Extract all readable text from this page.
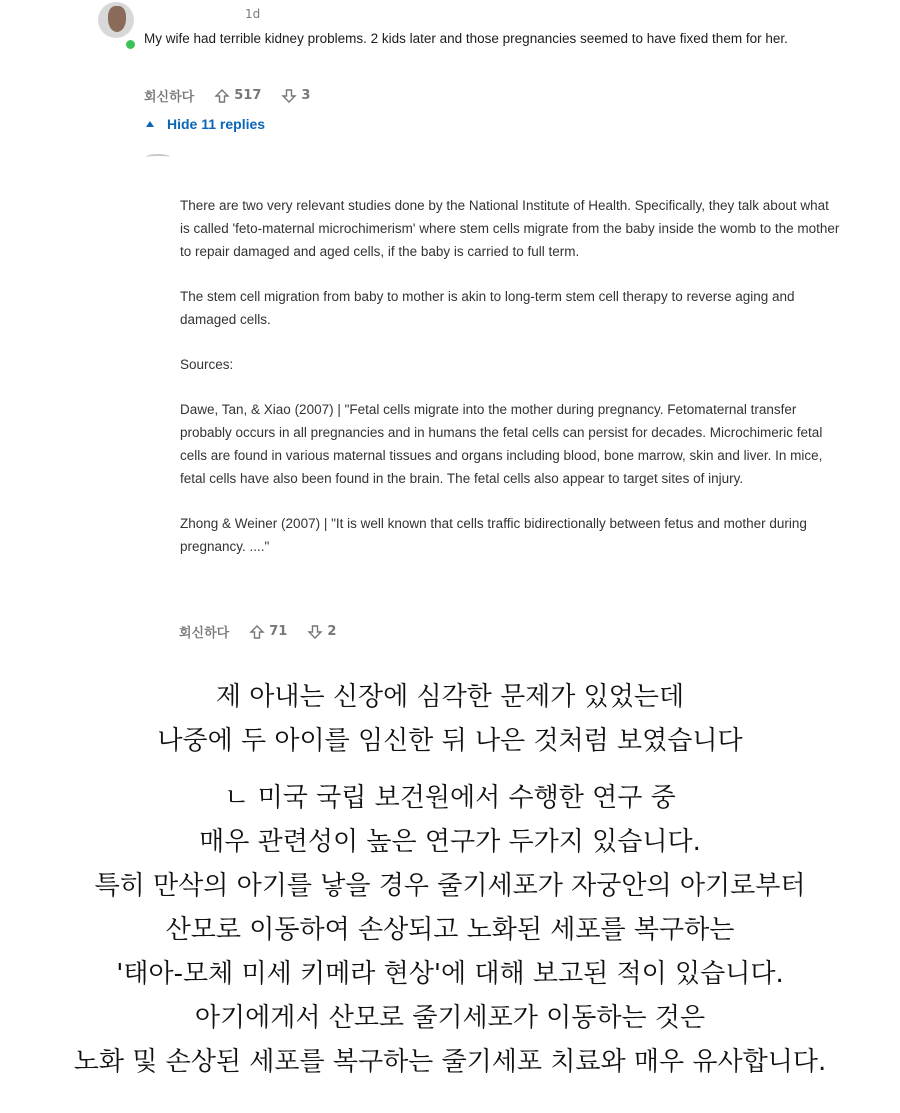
1d
My wife had terrible kidney problems. 2 kids later and those pregnancies seemed to have fixed them for her.
회신하다	517	3
Hide 11 replies

There are two very relevant studies done by the National Institute of Health. Specifically, they talk about what is called 'feto-maternal microchimerism' where stem cells migrate from the baby inside the womb to the mother to repair damaged and aged cells, if the baby is carried to full term.

The stem cell migration from baby to mother is akin to long-term stem cell therapy to reverse aging and damaged cells.

Sources:

Dawe, Tan, & Xiao (2007) | "Fetal cells migrate into the mother during pregnancy. Fetomaternal transfer probably occurs in all pregnancies and in humans the fetal cells can persist for decades. Microchimeric fetal cells are found in various maternal tissues and organs including blood, bone marrow, skin and liver. In mice, fetal cells have also been found in the brain. The fetal cells also appear to target sites of injury.

Zhong & Weiner (2007) | "It is well known that cells traffic bidirectionally between fetus and mother during pregnancy. ...."

회신하다	71	2
제 아내는 신장에 심각한 문제가 있었는데
나중에 두 아이를 임신한 뒤 나은 것처럼 보였습니다
ㄴ 미국 국립 보건원에서 수행한 연구 중
매우 관련성이 높은 연구가 두가지 있습니다.
특히 만삭의 아기를 낳을 경우 줄기세포가 자궁안의 아기로부터
산모로 이동하여 손상되고 노화된 세포를 복구하는
'태아-모체 미세 키메라 현상'에 대해 보고된 적이 있습니다.
아기에게서 산모로 줄기세포가 이동하는 것은
노화 및 손상된 세포를 복구하는 줄기세포 치료와 매우 유사합니다.
